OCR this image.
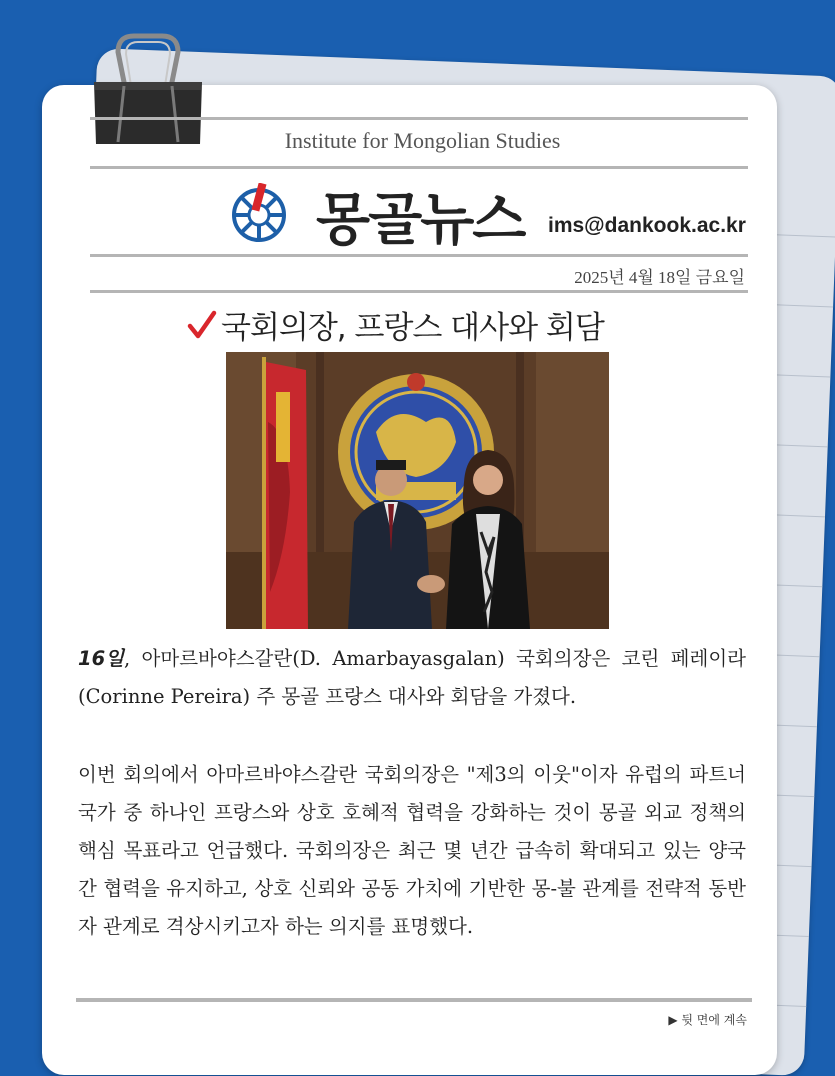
Institute for Mongolian Studies
몽골뉴스 ims@dankook.ac.kr
2025년 4월 18일 금요일
국회의장, 프랑스 대사와 회담

16일, 아마르바야스갈란(D. Amarbayasgalan) 국회의장은 코린 페레이라(Corinne Pereira) 주 몽골 프랑스 대사와 회담을 가졌다.

이번 회의에서 아마르바야스갈란 국회의장은 "제3의 이웃"이자 유럽의 파트너 국가 중 하나인 프랑스와 상호 호혜적 협력을 강화하는 것이 몽골 외교 정책의 핵심 목표라고 언급했다. 국회의장은 최근 몇 년간 급속히 확대되고 있는 양국 간 협력을 유지하고, 상호 신뢰와 공동 가치에 기반한 몽-불 관계를 전략적 동반자 관계로 격상시키고자 하는 의지를 표명했다.

▶ 뒷 면에 계속
